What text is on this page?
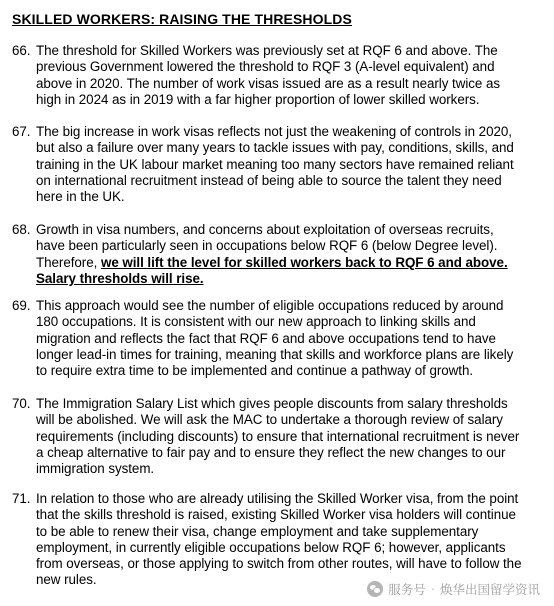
SKILLED WORKERS: RAISING THE THRESHOLDS
66. The threshold for Skilled Workers was previously set at RQF 6 and above. The
previous Government lowered the threshold to RQF 3 (A-level equivalent) and
above in 2020. The number of work visas issued are as a result nearly twice as
high in 2024 as in 2019 with a far higher proportion of lower skilled workers.
67. The big increase in work visas reflects not just the weakening of controls in 2020,
but also a failure over many years to tackle issues with pay, conditions, skills, and
training in the UK labour market meaning too many sectors have remained reliant
on international recruitment instead of being able to source the talent they need
here in the UK.
68. Growth in visa numbers, and concerns about exploitation of overseas recruits,
have been particularly seen in occupations below RQF 6 (below Degree level).
Therefore, we will lift the level for skilled workers back to RQF 6 and above.
Salary thresholds will rise.
69. This approach would see the number of eligible occupations reduced by around
180 occupations. It is consistent with our new approach to linking skills and
migration and reflects the fact that RQF 6 and above occupations tend to have
longer lead-in times for training, meaning that skills and workforce plans are likely
to require extra time to be implemented and continue a pathway of growth.
70. The Immigration Salary List which gives people discounts from salary thresholds
will be abolished. We will ask the MAC to undertake a thorough review of salary
requirements (including discounts) to ensure that international recruitment is never
a cheap alternative to fair pay and to ensure they reflect the new changes to our
immigration system.
71. In relation to those who are already utilising the Skilled Worker visa, from the point
that the skills threshold is raised, existing Skilled Worker visa holders will continue
to be able to renew their visa, change employment and take supplementary
employment, in currently eligible occupations below RQF 6; however, applicants
from overseas, or those applying to switch from other routes, will have to follow the
new rules.
服务号 · 焕华出国留学资讯
